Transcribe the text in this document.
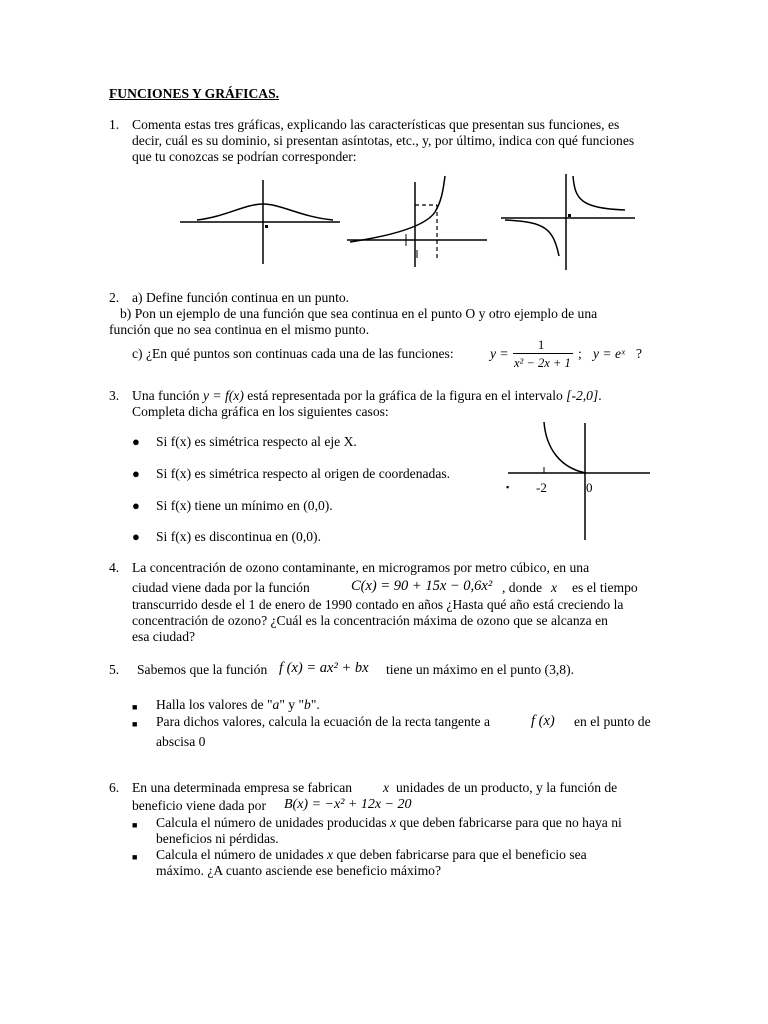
FUNCIONES Y GRÁFICAS.
1. Comenta estas tres gráficas, explicando las características que presentan sus funciones, es
decir, cuál es su dominio, si presentan asíntotas, etc., y, por último, indica con qué funciones
que tu conozcas se podrían corresponder:
2. a) Define función continua en un punto.
b) Pon un ejemplo de una función que sea continua en el punto O y otro ejemplo de una
función que no sea continua en el mismo punto.
c) ¿En qué puntos son continuas cada una de las funciones:	y =
1
x² − 2x + 1
; y = eˣ ?
3. Una función y = f(x) está representada por la gráfica de la figura en el intervalo [-2,0].
Completa dicha gráfica en los siguientes casos:
● Si f(x) es simétrica respecto al eje X.
● Si f(x) es simétrica respecto al origen de coordenadas.
● Si f(x) tiene un mínimo en (0,0).
● Si f(x) es discontinua en (0,0).
▪ -2	0
4. La concentración de ozono contaminante, en microgramos por metro cúbico, en una
ciudad viene dada por la función	C(x) = 90 + 15x − 0,6x² , donde x es el tiempo
transcurrido desde el 1 de enero de 1990 contado en años ¿Hasta qué año está creciendo la
concentración de ozono? ¿Cuál es la concentración máxima de ozono que se alcanza en
esa ciudad?
5. Sabemos que la función f (x) = ax² + bx tiene un máximo en el punto (3,8).
■ Halla los valores de "a" y "b".
■ Para dichos valores, calcula la ecuación de la recta tangente a	f (x) en el punto de
abscisa 0
6. En una determinada empresa se fabrican x unidades de un producto, y la función de
beneficio viene dada por B(x) = −x² + 12x − 20
■ Calcula el número de unidades producidas x que deben fabricarse para que no haya ni
beneficios ni pérdidas.
■ Calcula el número de unidades x que deben fabricarse para que el beneficio sea
máximo. ¿A cuanto asciende ese beneficio máximo?
